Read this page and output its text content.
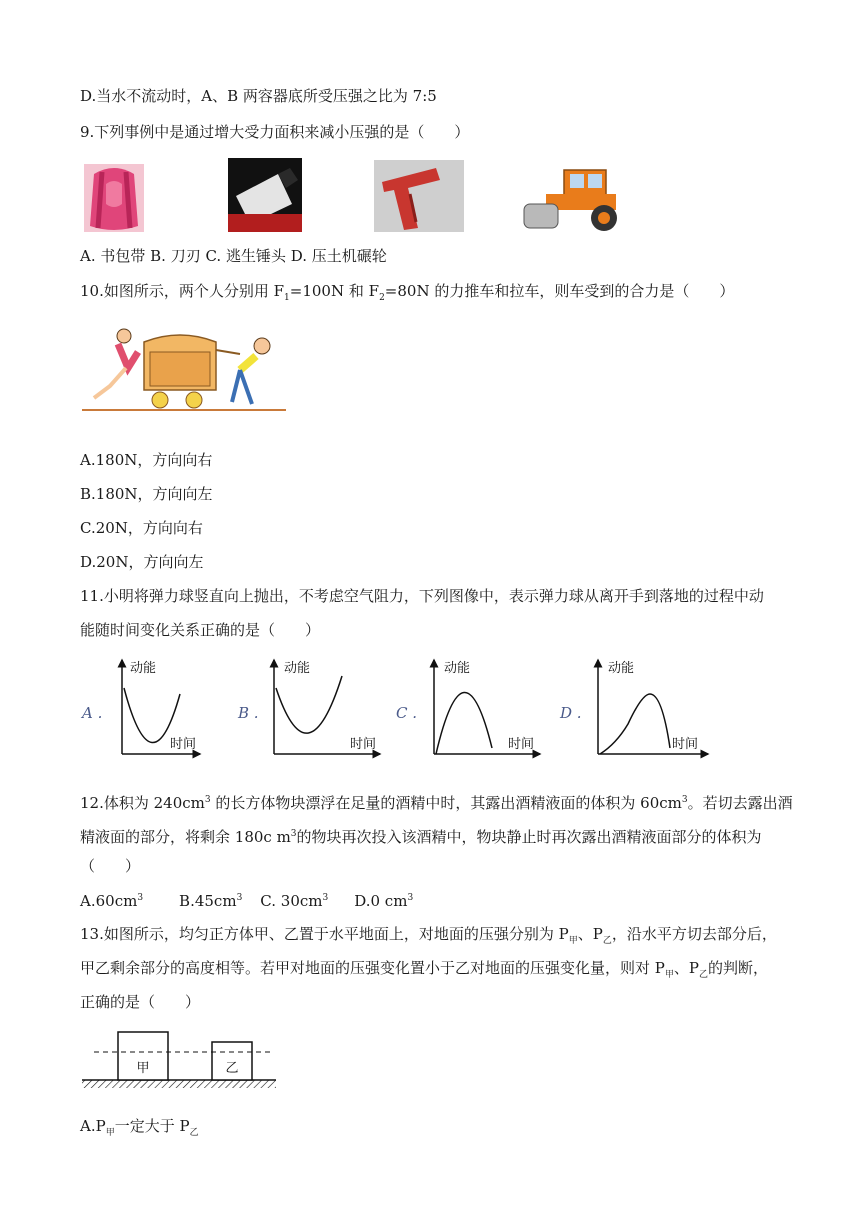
D.当水不流动时，A、B 两容器底所受压强之比为 7:5
9.下列事例中是通过增大受力面积来减小压强的是（　　）
A. 书包带 B. 刀刃 C. 逃生锤头 D. 压土机碾轮
10.如图所示，两个人分别用 $F_1=100N$ 和 $F_2=80N$ 的力推车和拉车，则车受到的合力是（　　）
A.180N，方向向右
B.180N，方向向左
C.20N，方向向右
D.20N，方向向左
11.小明将弹力球竖直向上抛出，不考虑空气阻力，下列图像中，表示弹力球从离开手到落地的过程中动
能随时间变化关系正确的是（　　）
A .
动能
时间
B .
动能
时间
C .
动能
时间
D .
动能
时间
12.体积为 $240cm^3$ 的长方体物块漂浮在足量的酒精中时，其露出酒精液面的体积为 $60cm^3$。若切去露出酒
精液面的部分，将剩余 180c $m^3$的物块再次投入该酒精中，物块静止时再次露出酒精液面部分的体积为
（　　）
$A.60cm^3$ $B.45cm^3$ C. $30cm^3$ D.0 $cm^3$
13.如图所示，均匀正方体甲、乙置于水平地面上，对地面的压强分别为 $P_甲$、$P_乙$，沿水平方切去部分后，
甲乙剩余部分的高度相等。若甲对地面的压强变化置小于乙对地面的压强变化量，则对 $P_甲$、$P_乙$的判断，
正确的是（　　）
甲	乙
$A.P_甲$一定大于 $P_乙$
